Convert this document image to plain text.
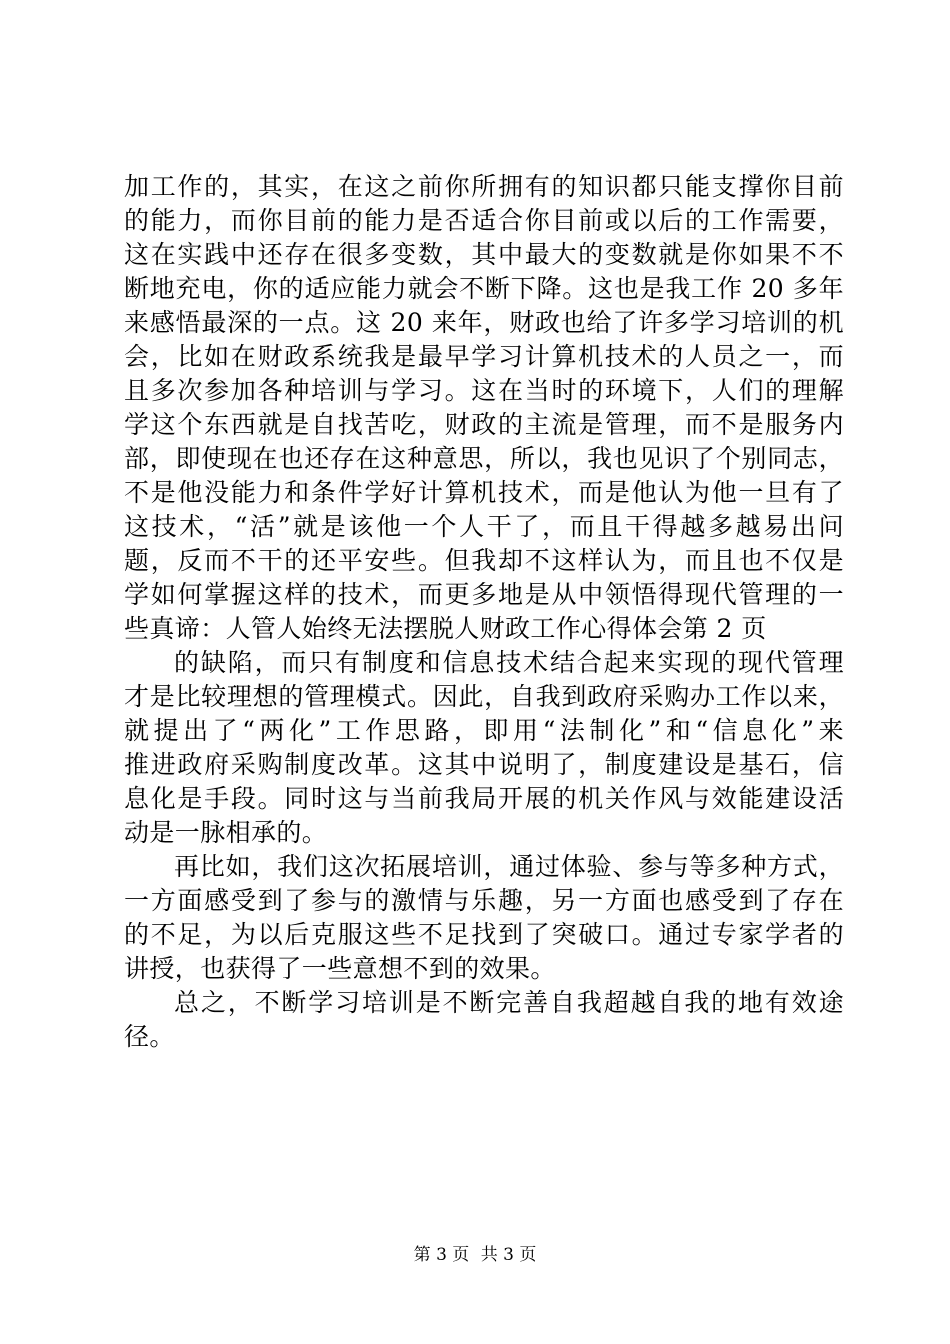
加工作的，其实，在这之前你所拥有的知识都只能支撑你目前
的能力，而你目前的能力是否适合你目前或以后的工作需要，
这在实践中还存在很多变数，其中最大的变数就是你如果不不
断地充电，你的适应能力就会不断下降。这也是我工作 20 多年
来感悟最深的一点。这 20 来年，财政也给了许多学习培训的机
会，比如在财政系统我是最早学习计算机技术的人员之一，而
且多次参加各种培训与学习。这在当时的环境下，人们的理解
学这个东西就是自找苦吃，财政的主流是管理，而不是服务内
部，即使现在也还存在这种意思，所以，我也见识了个别同志，
不是他没能力和条件学好计算机技术，而是他认为他一旦有了
这技术，“活”就是该他一个人干了，而且干得越多越易出问
题，反而不干的还平安些。但我却不这样认为，而且也不仅是
学如何掌握这样的技术，而更多地是从中领悟得现代管理的一
些真谛：人管人始终无法摆脱人财政工作心得体会第 2 页
的缺陷，而只有制度和信息技术结合起来实现的现代管理
才是比较理想的管理模式。因此，自我到政府采购办工作以来，
就提出了“两化”工作思路，即用“法制化”和“信息化”来
推进政府采购制度改革。这其中说明了，制度建设是基石，信
息化是手段。同时这与当前我局开展的机关作风与效能建设活
动是一脉相承的。
再比如，我们这次拓展培训，通过体验、参与等多种方式，
一方面感受到了参与的激情与乐趣，另一方面也感受到了存在
的不足，为以后克服这些不足找到了突破口。通过专家学者的
讲授，也获得了一些意想不到的效果。
总之，不断学习培训是不断完善自我超越自我的地有效途
径。
第 3 页 共 3 页
